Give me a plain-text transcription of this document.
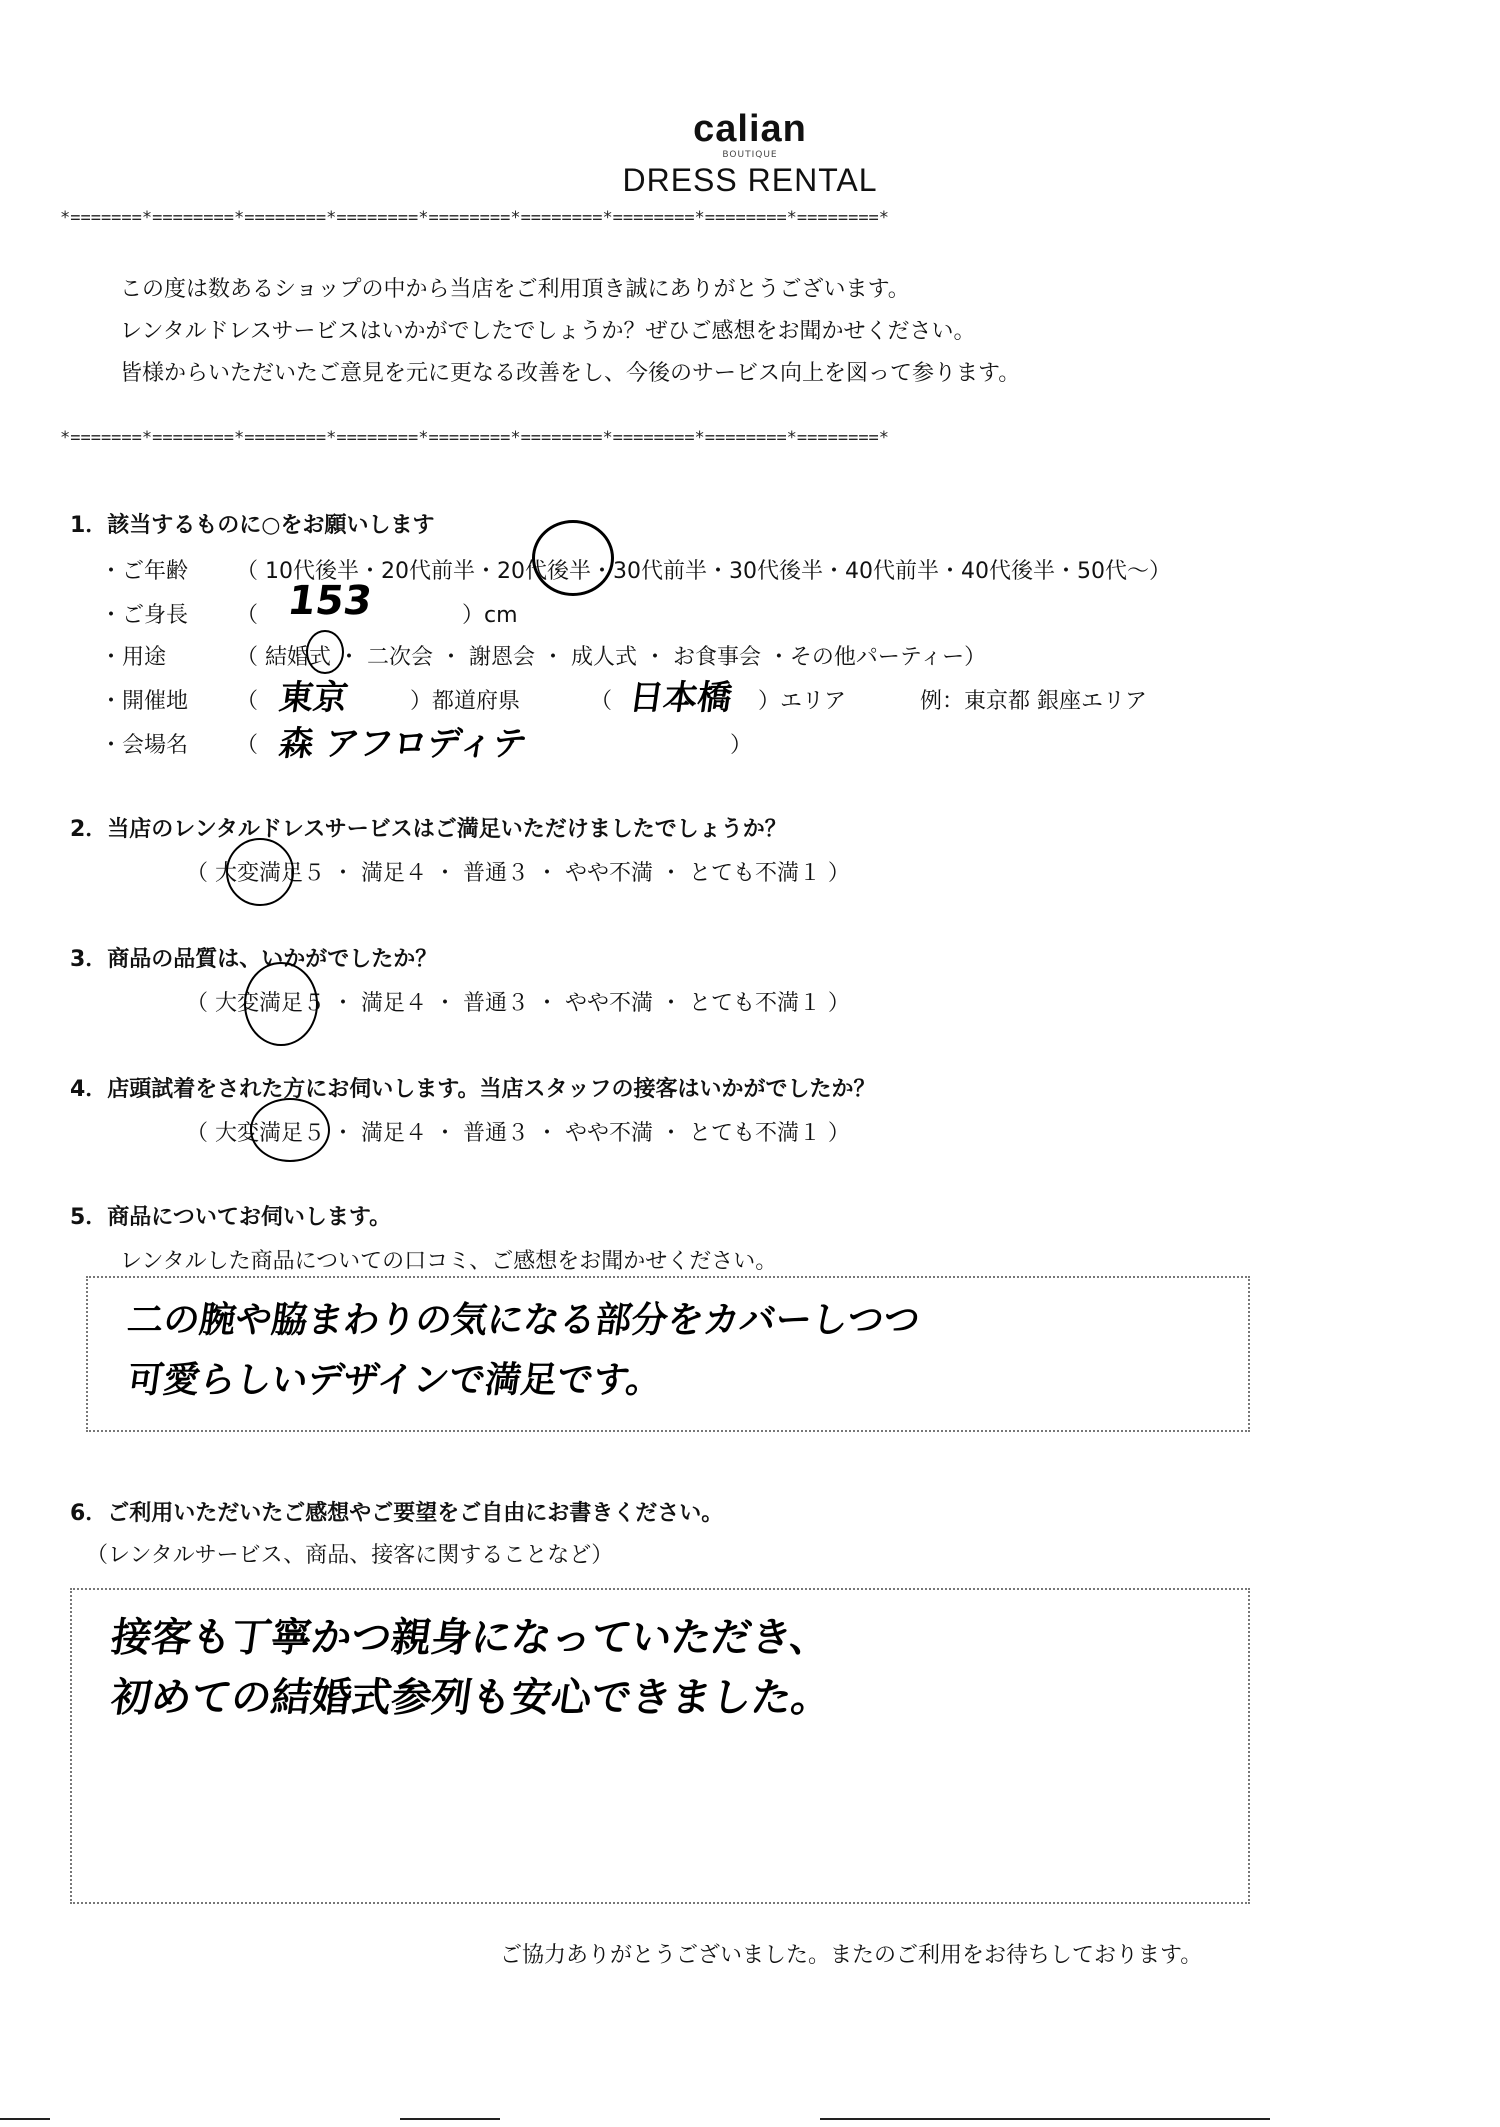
calian
BOUTIQUE
DRESS RENTAL
*=======*========*========*========*========*========*========*========*========*
この度は数あるショップの中から当店をご利用頂き誠にありがとうございます。
レンタルドレスサービスはいかがでしたでしょうか？ぜひご感想をお聞かせください。
皆様からいただいたご意見を元に更なる改善をし、今後のサービス向上を図って参ります。
*=======*========*========*========*========*========*========*========*========*
1．該当するものに○をお願いします
・ご年齢 （ 10代後半・20代前半・20代後半・30代前半・30代後半・40代前半・40代後半・50代～）
・ご身長 （ 153	）cm
・用途	（ 結婚式 ・ 二次会 ・ 謝恩会 ・ 成人式 ・ お食事会 ・その他パーティー）
・開催地 （ 東京	）都道府県	（ 日本橋 ）エリア	例：東京都 銀座エリア
・会場名 （ 森 アフロディテ	）
2．当店のレンタルドレスサービスはご満足いただけましたでしょうか？
（ 大変満足５ ・ 満足４ ・ 普通３ ・ やや不満 ・ とても不満１ ）
3．商品の品質は、いかがでしたか？
（ 大変満足５ ・ 満足４ ・ 普通３ ・ やや不満 ・ とても不満１ ）
4．店頭試着をされた方にお伺いします。当店スタッフの接客はいかがでしたか？
（ 大変満足５ ・ 満足４ ・ 普通３ ・ やや不満 ・ とても不満１ ）
5．商品についてお伺いします。
レンタルした商品についての口コミ、ご感想をお聞かせください。
二の腕や脇まわりの気になる部分をカバーしつつ
可愛らしいデザインで満足です。
6．ご利用いただいたご感想やご要望をご自由にお書きください。
（レンタルサービス、商品、接客に関することなど）
接客も丁寧かつ親身になっていただき、
初めての結婚式参列も安心できました。
ご協力ありがとうございました。またのご利用をお待ちしております。
